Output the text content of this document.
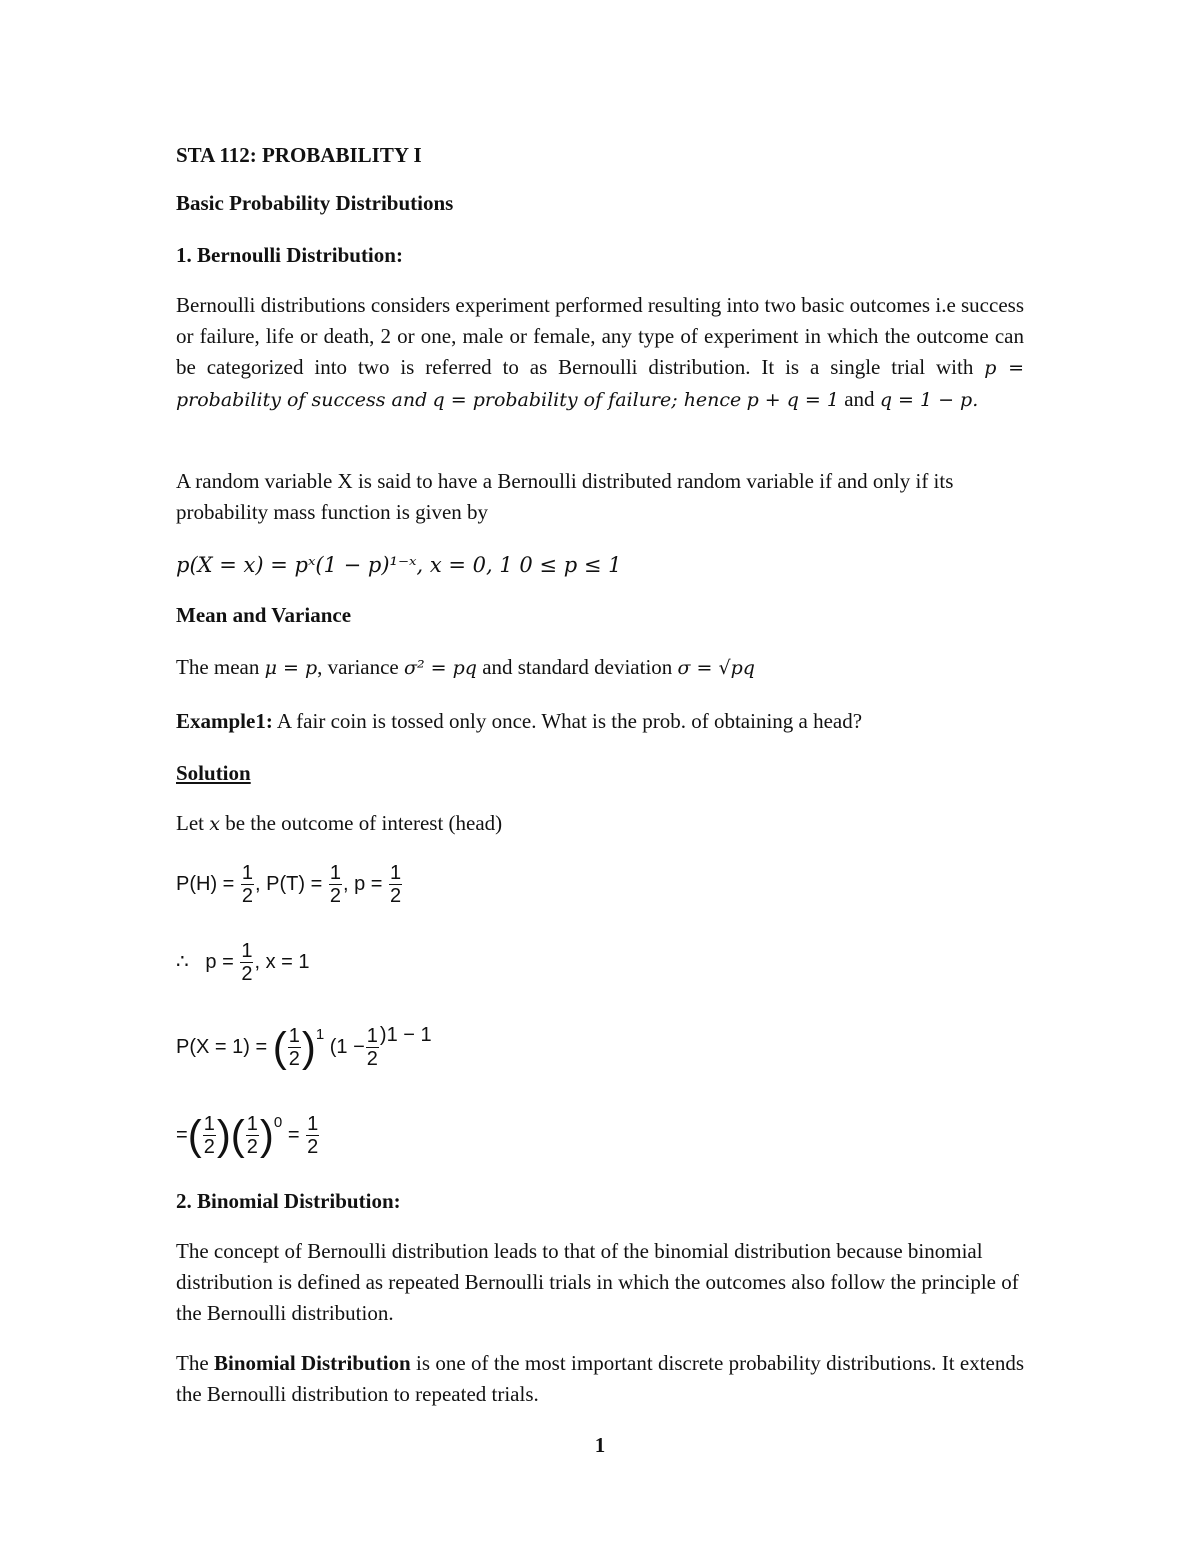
STA 112: PROBABILITY I

Basic Probability Distributions

1. Bernoulli Distribution:

Bernoulli distributions considers experiment performed resulting into two basic outcomes i.e success or failure, life or death, 2 or one, male or female, any type of experiment in which the outcome can be categorized into two is referred to as Bernoulli distribution. It is a single trial with p = probability of success and q = probability of failure; hence p + q = 1 and q = 1 − p.

A random variable X is said to have a Bernoulli distributed random variable if and only if its probability mass function is given by

p(X = x) = pˣ(1 − p)¹⁻ˣ, x = 0, 1 0 ≤ p ≤ 1

Mean and Variance

The mean μ = p, variance σ² = pq and standard deviation σ = √pq

Example1: A fair coin is tossed only once. What is the prob. of obtaining a head?

Solution

Let x be the outcome of interest (head)

$P(H) = \frac{1}{2}$ , $P(T) = \frac{1}{2}$ , $p = \frac{1}{2}$
∴ $p = \frac{1}{2}$ , x = 1
P(X = 1) = ( $\frac{1}{2} )^1$ $(1 - \frac{1}{2} )1 - 1$
=( $\frac{1}{2}$ )( $\frac{1}{2} )^0 = \frac{1}{2}$

2. Binomial Distribution:

The concept of Bernoulli distribution leads to that of the binomial distribution because binomial distribution is defined as repeated Bernoulli trials in which the outcomes also follow the principle of the Bernoulli distribution.

The Binomial Distribution is one of the most important discrete probability distributions. It extends the Bernoulli distribution to repeated trials.

1
